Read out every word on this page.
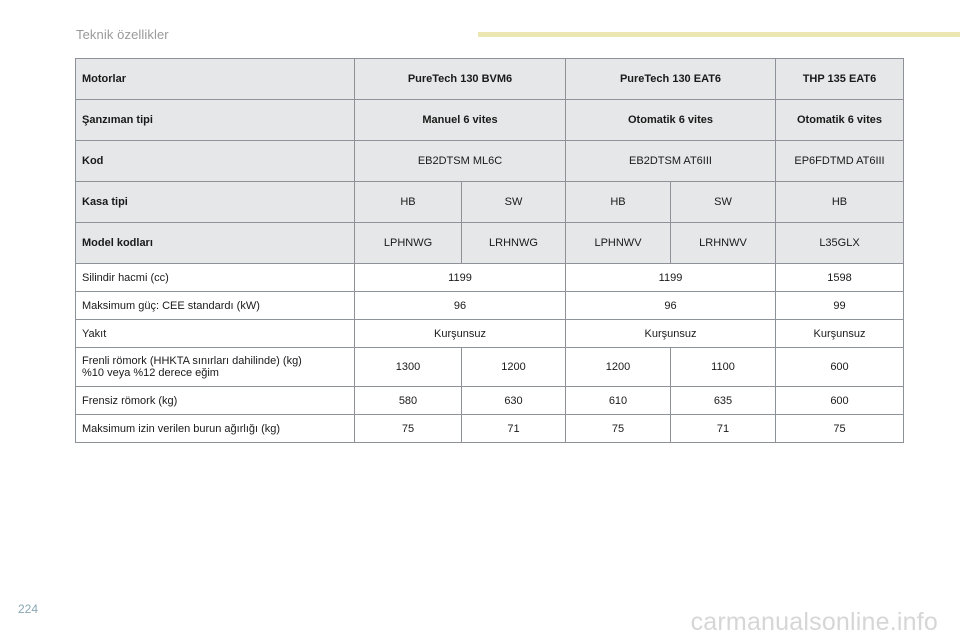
Teknik özellikler
Motorlar	PureTech 130 BVM6		PureTech 130 EAT6		THP 135 EAT6
Şanzıman tipi	Manuel 6 vites		Otomatik 6 vites		Otomatik 6 vites
Kod	EB2DTSM ML6C		EB2DTSM AT6III		EP6FDTMD AT6III
Kasa tipi	HB	SW	HB	SW	HB
Model kodları	LPHNWG	LRHNWG	LPHNWV	LRHNWV	L35GLX
Silindir hacmi (cc)	1199		1199		1598
Maksimum güç: CEE standardı (kW)	96		96		99
Yakıt	Kurşunsuz		Kurşunsuz		Kurşunsuz

Frenli römork (HHKTA sınırları dahilinde) (kg)
%10 veya %12 derece eğim	1300	1200	1200	1100	600
Frensiz römork (kg)	580	630	610	635	600
Maksimum izin verilen burun ağırlığı (kg)	75	71	75	71	75
224	carmanualsonline.info
